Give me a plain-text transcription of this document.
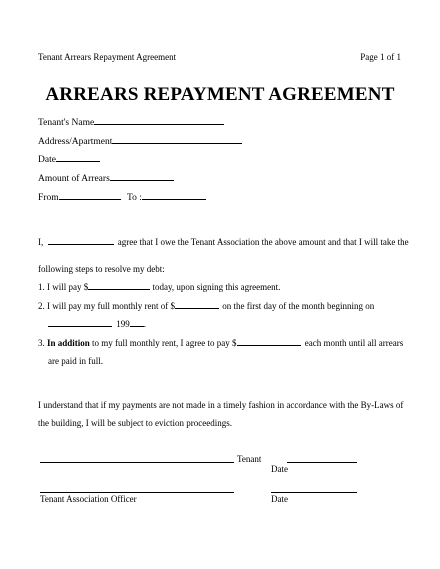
Tenant Arrears Repayment Agreement	Page 1 of 1
ARREARS REPAYMENT AGREEMENT
Tenant's Name
Address/Apartment
Date
Amount of Arrears
From	To :
I,	agree that I owe the Tenant Association the above amount and that I will take the
following steps to resolve my debt:
1. I will pay $	today, upon signing this agreement.
2. I will pay my full monthly rent of $	on the first day of the month beginning on
199 .
3. In addition to my full monthly rent, I agree to pay $	each month until all arrears
are paid in full.
I understand that if my payments are not made in a timely fashion in accordance with the By-Laws of
the building, I will be subject to eviction proceedings.
Tenant
Date
Tenant Association Officer	Date
